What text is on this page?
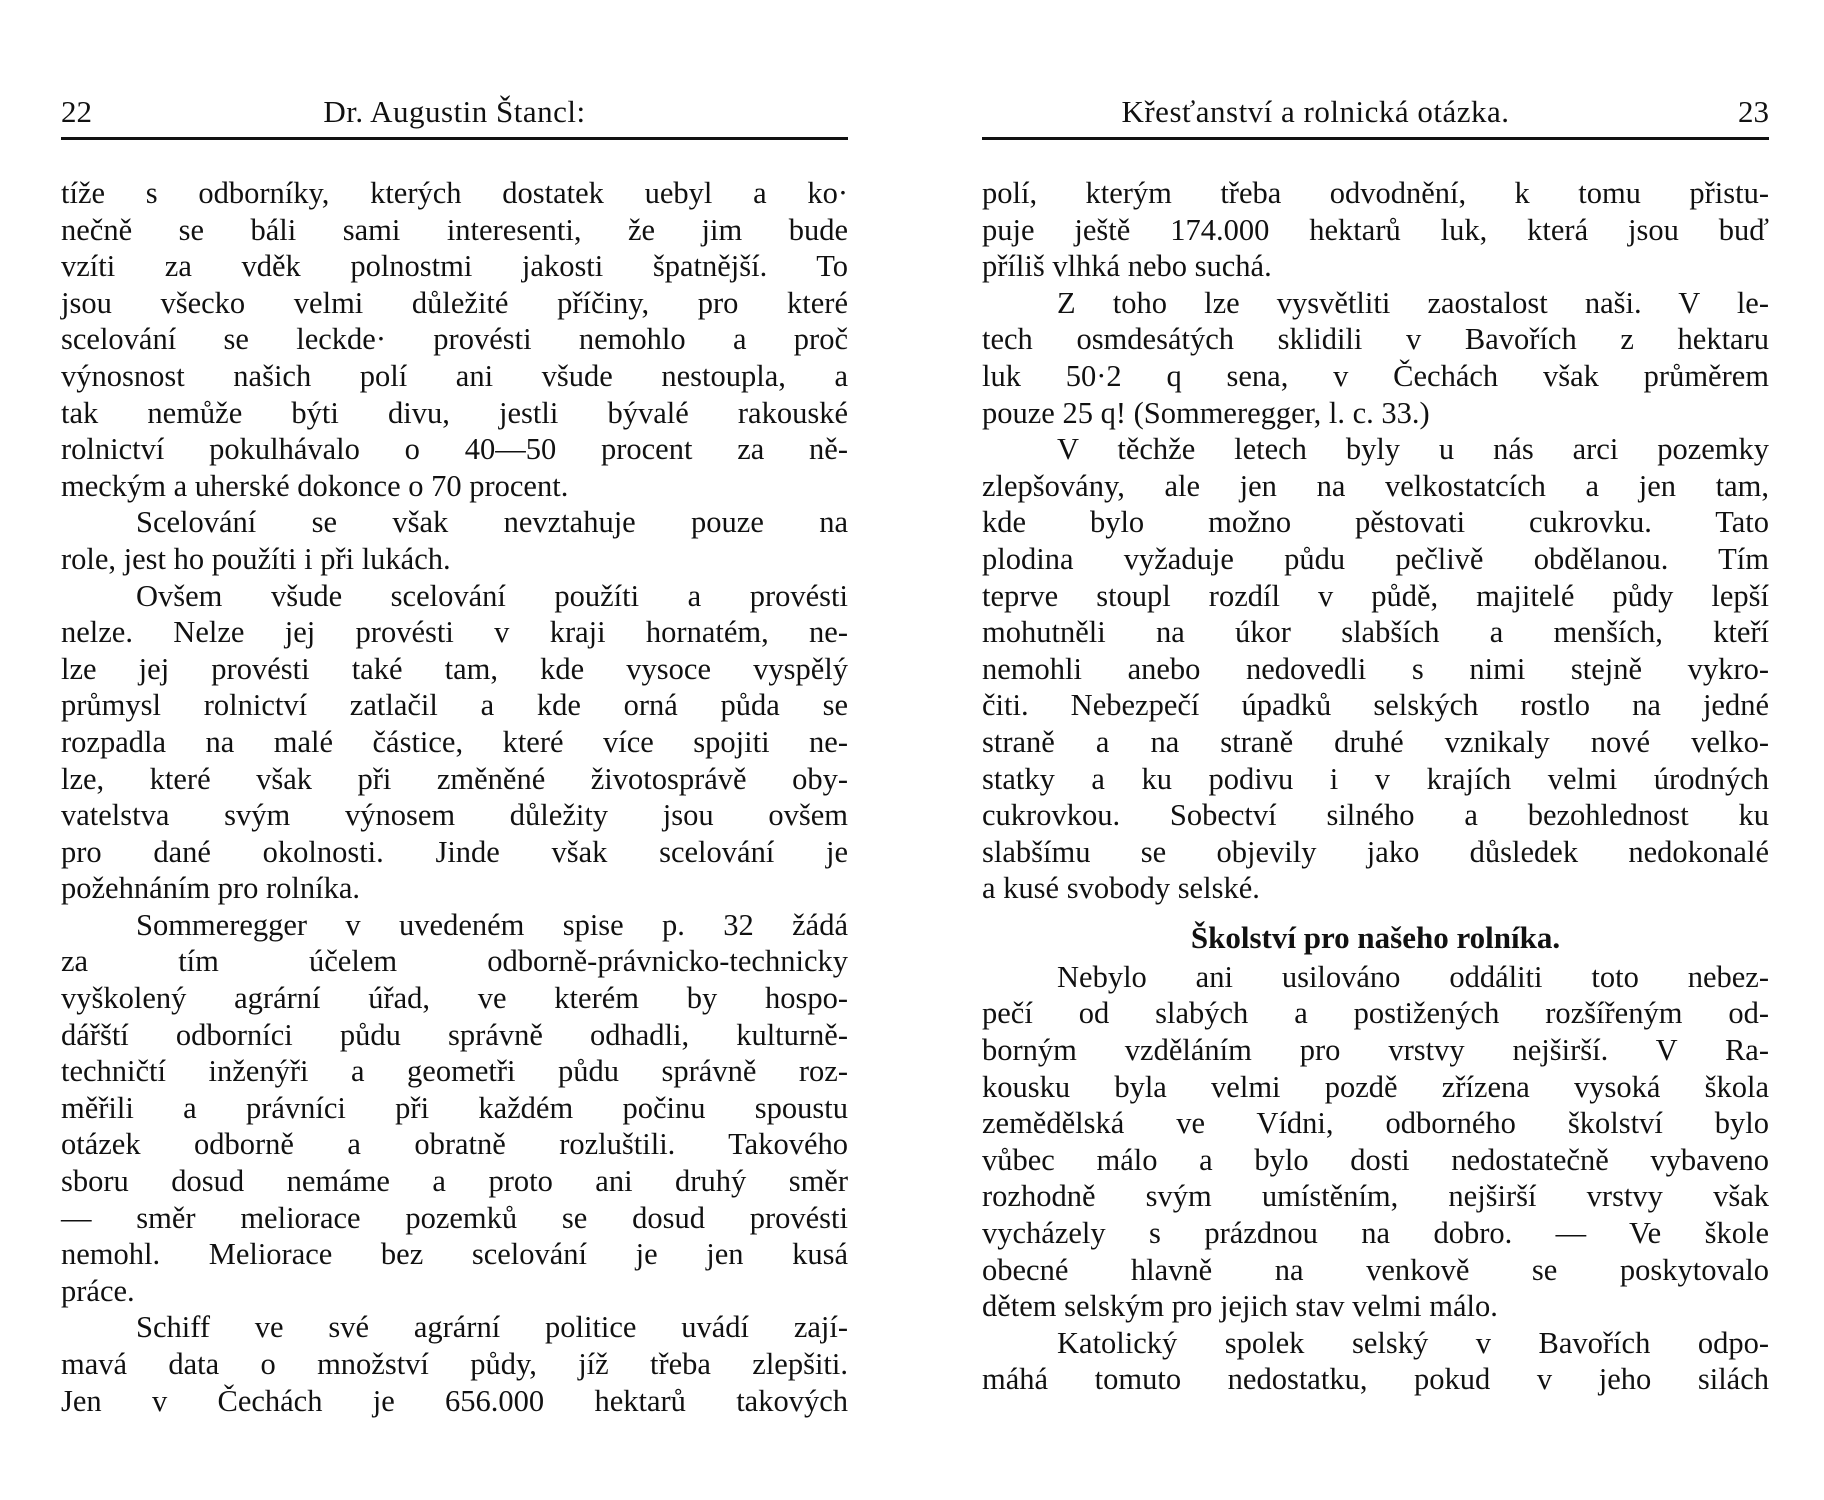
22	Dr. Augustin Štancl:
tíže s odborníky, kterých dostatek uebyl a ko·
nečně se báli sami interesenti, že jim bude
vzíti za vděk polnostmi jakosti špatnější. To
jsou všecko velmi důležité příčiny, pro které
scelování se leckde· provésti nemohlo a proč
výnosnost našich polí ani všude nestoupla, a
tak nemůže býti divu, jestli bývalé rakouské
rolnictví pokulhávalo o 40—50 procent za ně-
meckým a uherské dokonce o 70 procent.
Scelování se však nevztahuje pouze na
role, jest ho použíti i při lukách.
Ovšem všude scelování použíti a provésti
nelze. Nelze jej provésti v kraji hornatém, ne-
lze jej provésti také tam, kde vysoce vyspělý
průmysl rolnictví zatlačil a kde orná půda se
rozpadla na malé částice, které více spojiti ne-
lze, které však při změněné životosprávě oby-
vatelstva svým výnosem důležity jsou ovšem
pro dané okolnosti. Jinde však scelování je
požehnáním pro rolníka.
Sommeregger v uvedeném spise p. 32 žádá
za tím účelem odborně-právnicko-technicky
vyškolený agrární úřad, ve kterém by hospo-
dářští odborníci půdu správně odhadli, kulturně-
techničtí inženýři a geometři půdu správně roz-
měřili a právníci při každém počinu spoustu
otázek odborně a obratně rozluštili. Takového
sboru dosud nemáme a proto ani druhý směr
— směr meliorace pozemků se dosud provésti
nemohl. Meliorace bez scelování je jen kusá
práce.
Schiff ve své agrární politice uvádí zají-
mavá data o množství půdy, jíž třeba zlepšiti.
Jen v Čechách je 656.000 hektarů takových
Křesťanství a rolnická otázka.	23
polí, kterým třeba odvodnění, k tomu přistu-
puje ještě 174.000 hektarů luk, která jsou buď
příliš vlhká nebo suchá.
Z toho lze vysvětliti zaostalost naši. V le-
tech osmdesátých sklidili v Bavořích z hektaru
luk 50·2 q sena, v Čechách však průměrem
pouze 25 q! (Sommeregger, l. c. 33.)
V těchže letech byly u nás arci pozemky
zlepšovány, ale jen na velkostatcích a jen tam,
kde bylo možno pěstovati cukrovku. Tato
plodina vyžaduje půdu pečlivě obdělanou. Tím
teprve stoupl rozdíl v půdě, majitelé půdy lepší
mohutněli na úkor slabších a menších, kteří
nemohli anebo nedovedli s nimi stejně vykro-
čiti. Nebezpečí úpadků selských rostlo na jedné
straně a na straně druhé vznikaly nové velko-
statky a ku podivu i v krajích velmi úrodných
cukrovkou. Sobectví silného a bezohlednost ku
slabšímu se objevily jako důsledek nedokonalé
a kusé svobody selské.
Školství pro našeho rolníka.
Nebylo ani usilováno oddáliti toto nebez-
pečí od slabých a postižených rozšířeným od-
borným vzděláním pro vrstvy nejširší. V Ra-
kousku byla velmi pozdě zřízena vysoká škola
zemědělská ve Vídni, odborného školství bylo
vůbec málo a bylo dosti nedostatečně vybaveno
rozhodně svým umístěním, nejširší vrstvy však
vycházely s prázdnou na dobro. — Ve škole
obecné hlavně na venkově se poskytovalo
dětem selským pro jejich stav velmi málo.
Katolický spolek selský v Bavořích odpo-
máhá tomuto nedostatku, pokud v jeho silách
